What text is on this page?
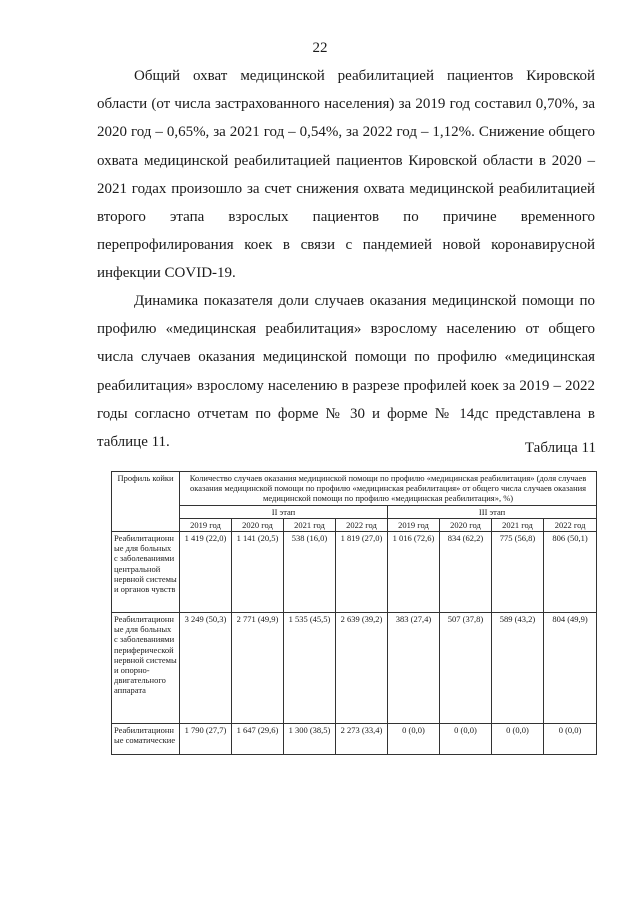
22

Общий охват медицинской реабилитацией пациентов Кировской области (от числа застрахованного населения) за 2019 год составил 0,70%, за 2020 год – 0,65%, за 2021 год – 0,54%, за 2022 год – 1,12%. Снижение общего охвата медицинской реабилитацией пациентов Кировской области в 2020 – 2021 годах произошло за счет снижения охвата медицинской реабилитацией второго этапа взрослых пациентов по причине временного перепрофилирования коек в связи с пандемией новой коронавирусной инфекции COVID-19.

Динамика показателя доли случаев оказания медицинской помощи по профилю «медицинская реабилитация» взрослому населению от общего числа случаев оказания медицинской помощи по профилю «медицинская реабилитация» взрослому населению в разрезе профилей коек за 2019 – 2022 годы согласно отчетам по форме № 30 и форме № 14дс представлена в таблице 11.	Таблица 11
Профиль койки	Количество случаев оказания медицинской помощи по профилю «медицинская реабилитация» (доля случаев оказания медицинской помощи по профилю «медицинская реабилитация» от общего числа случаев оказания медицинской помощи по профилю «медицинская реабилитация», %)							
	II этап				III этап			
	2019 год	2020 год	2021 год	2022 год	2019 год	2020 год	2021 год	2022 год
Реабилитационные для больных с заболеваниями центральной нервной системы и органов чувств	1 419 (22,0)	1 141 (20,5)	538 (16,0)	1 819 (27,0)	1 016 (72,6)	834 (62,2)	775 (56,8)	806 (50,1)
Реабилитационные для больных с заболеваниями периферической нервной системы и опорно-двигательного аппарата	3 249 (50,3)	2 771 (49,9)	1 535 (45,5)	2 639 (39,2)	383 (27,4)	507 (37,8)	589 (43,2)	804 (49,9)
Реабилитационные соматические	1 790 (27,7)	1 647 (29,6)	1 300 (38,5)	2 273 (33,4)	0 (0,0)	0 (0,0)	0 (0,0)	0 (0,0)
